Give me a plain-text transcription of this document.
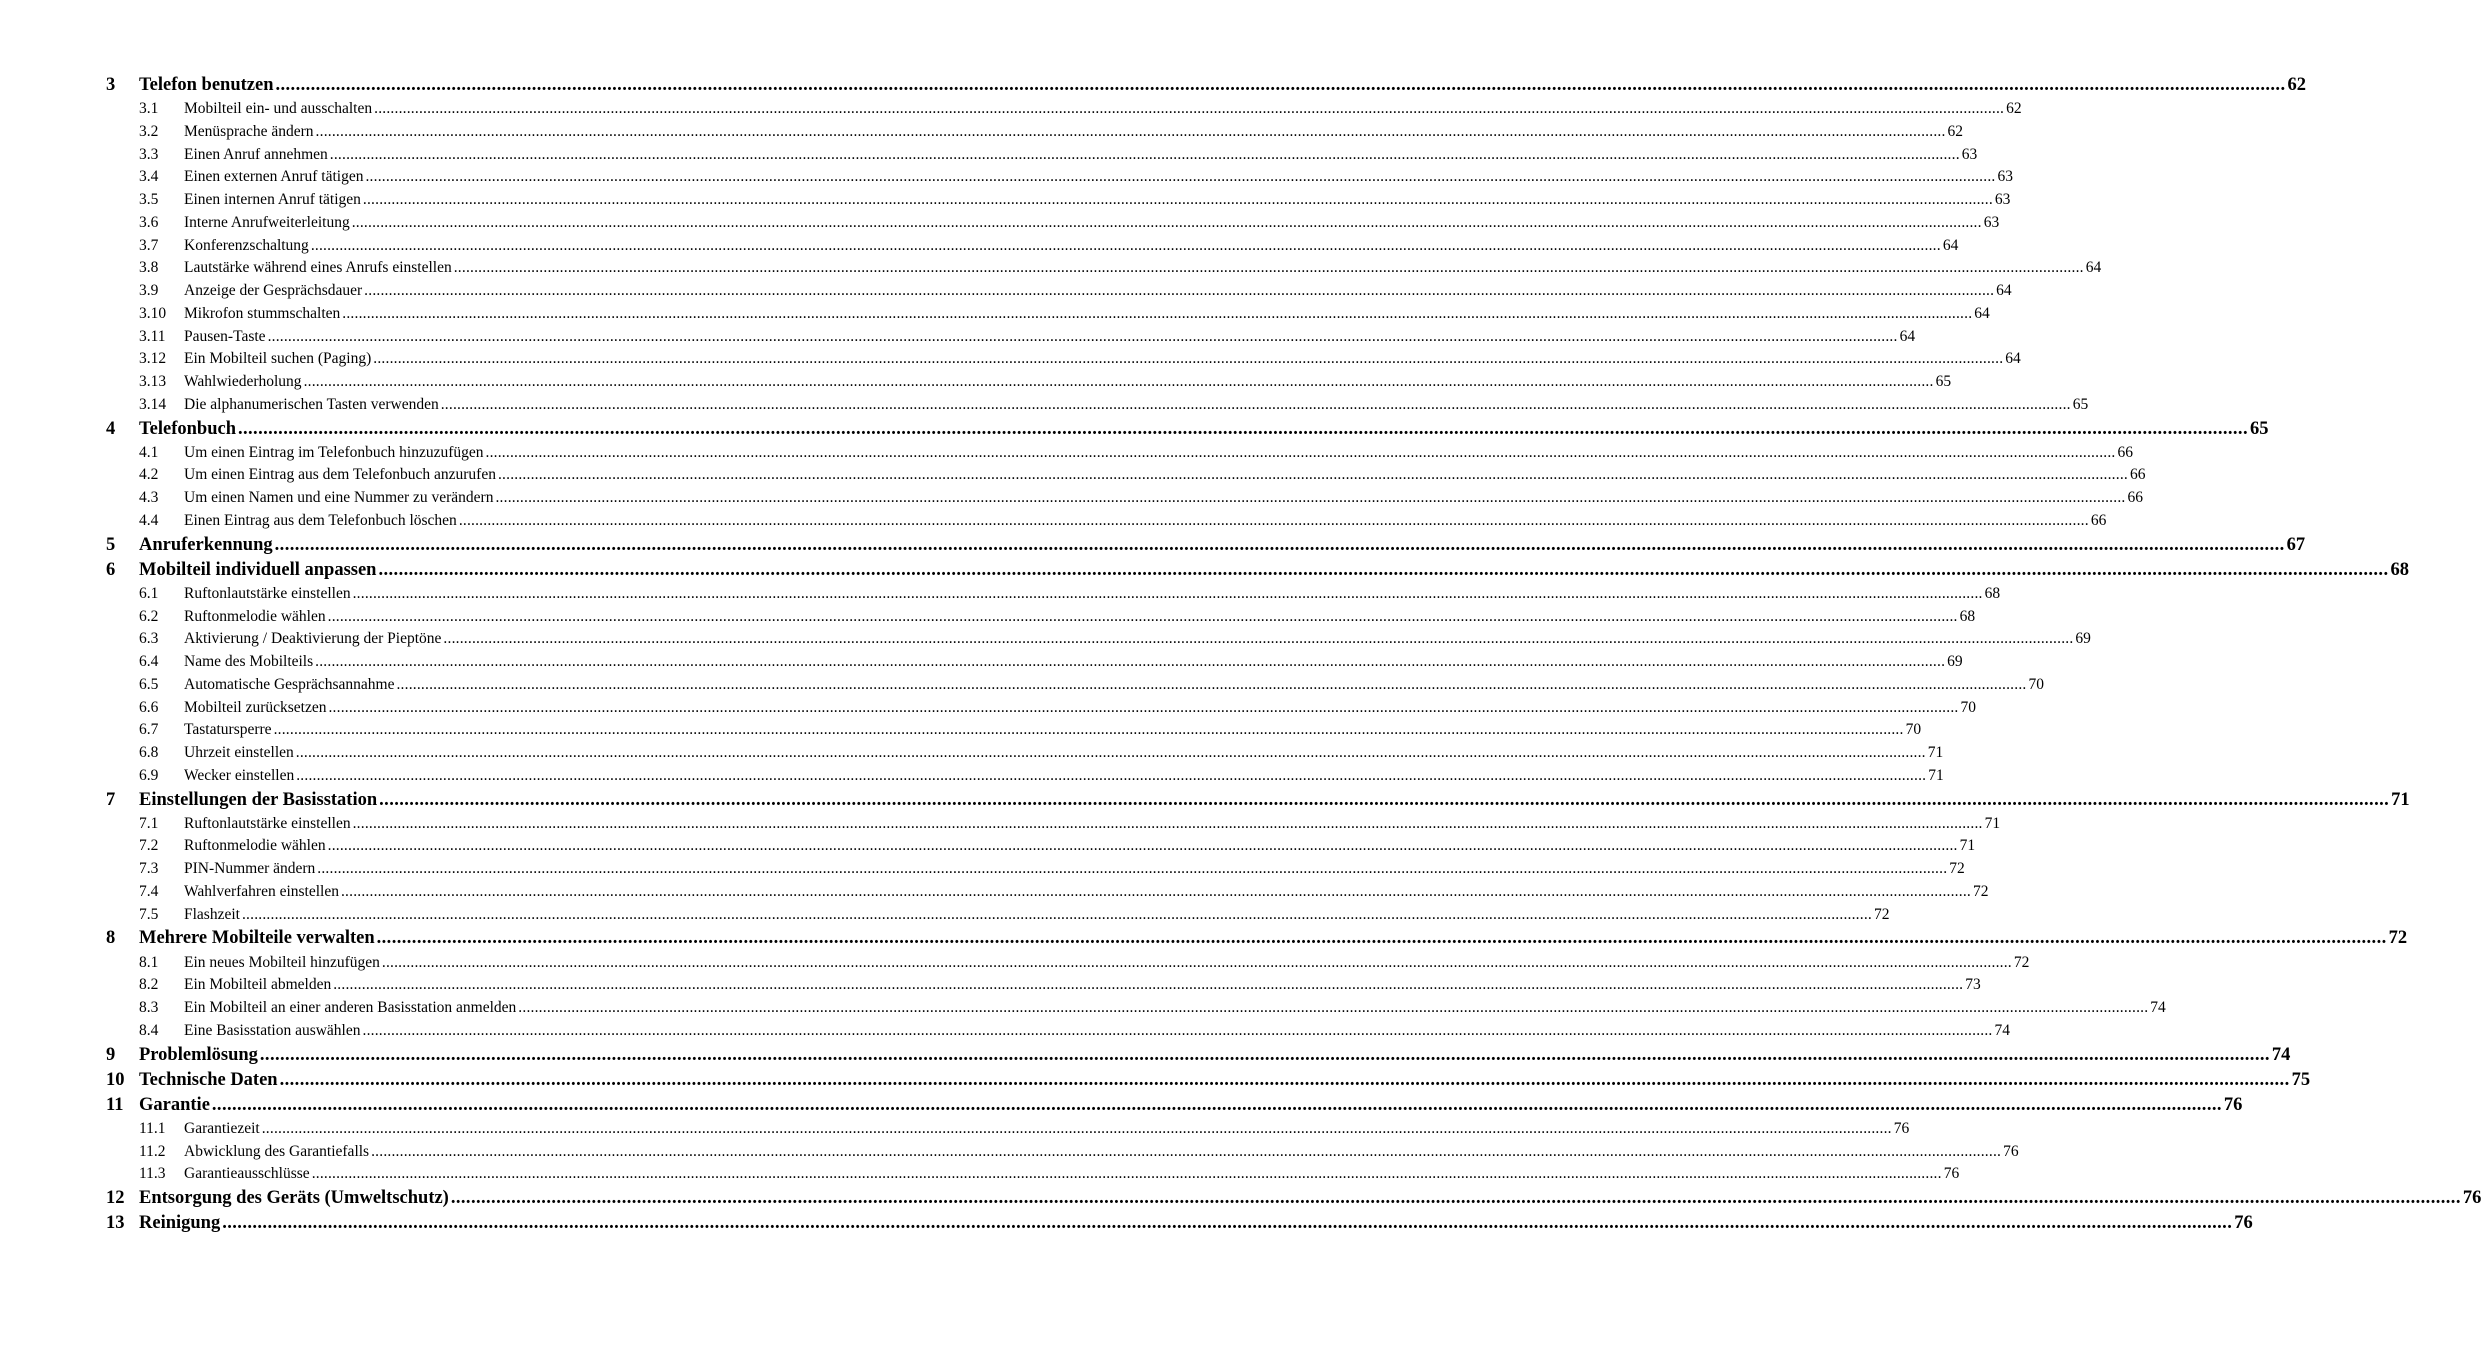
3	Telefon benutzen ................................................................................................................................................................................................................................................................................................................................................................................................................ 62
3.1	Mobilteil ein- und ausschalten ................................................................................................................................................................................................................................................................................................................................................................................................................ 62
3.2	Menüsprache ändern ................................................................................................................................................................................................................................................................................................................................................................................................................ 62
3.3	Einen Anruf annehmen ................................................................................................................................................................................................................................................................................................................................................................................................................ 63
3.4	Einen externen Anruf tätigen ................................................................................................................................................................................................................................................................................................................................................................................................................ 63
3.5	Einen internen Anruf tätigen ................................................................................................................................................................................................................................................................................................................................................................................................................ 63
3.6	Interne Anrufweiterleitung ................................................................................................................................................................................................................................................................................................................................................................................................................ 63
3.7	Konferenzschaltung ................................................................................................................................................................................................................................................................................................................................................................................................................ 64
3.8	Lautstärke während eines Anrufs einstellen ................................................................................................................................................................................................................................................................................................................................................................................................................ 64
3.9	Anzeige der Gesprächsdauer ................................................................................................................................................................................................................................................................................................................................................................................................................ 64
3.10	Mikrofon stummschalten ................................................................................................................................................................................................................................................................................................................................................................................................................ 64
3.11	Pausen-Taste ................................................................................................................................................................................................................................................................................................................................................................................................................ 64
3.12	Ein Mobilteil suchen (Paging) ................................................................................................................................................................................................................................................................................................................................................................................................................ 64
3.13	Wahlwiederholung ................................................................................................................................................................................................................................................................................................................................................................................................................ 65
3.14	Die alphanumerischen Tasten verwenden ................................................................................................................................................................................................................................................................................................................................................................................................................ 65
4	Telefonbuch ................................................................................................................................................................................................................................................................................................................................................................................................................ 65
4.1	Um einen Eintrag im Telefonbuch hinzuzufügen ................................................................................................................................................................................................................................................................................................................................................................................................................ 66
4.2	Um einen Eintrag aus dem Telefonbuch anzurufen ................................................................................................................................................................................................................................................................................................................................................................................................................ 66
4.3	Um einen Namen und eine Nummer zu verändern ................................................................................................................................................................................................................................................................................................................................................................................................................ 66
4.4	Einen Eintrag aus dem Telefonbuch löschen ................................................................................................................................................................................................................................................................................................................................................................................................................ 66
5	Anruferkennung ................................................................................................................................................................................................................................................................................................................................................................................................................ 67
6	Mobilteil individuell anpassen ................................................................................................................................................................................................................................................................................................................................................................................................................ 68
6.1	Ruftonlautstärke einstellen ................................................................................................................................................................................................................................................................................................................................................................................................................ 68
6.2	Ruftonmelodie wählen ................................................................................................................................................................................................................................................................................................................................................................................................................ 68
6.3	Aktivierung / Deaktivierung der Pieptöne ................................................................................................................................................................................................................................................................................................................................................................................................................ 69
6.4	Name des Mobilteils ................................................................................................................................................................................................................................................................................................................................................................................................................ 69
6.5	Automatische Gesprächsannahme ................................................................................................................................................................................................................................................................................................................................................................................................................ 70
6.6	Mobilteil zurücksetzen ................................................................................................................................................................................................................................................................................................................................................................................................................ 70
6.7	Tastatursperre ................................................................................................................................................................................................................................................................................................................................................................................................................ 70
6.8	Uhrzeit einstellen ................................................................................................................................................................................................................................................................................................................................................................................................................ 71
6.9	Wecker einstellen ................................................................................................................................................................................................................................................................................................................................................................................................................ 71
7	Einstellungen der Basisstation ................................................................................................................................................................................................................................................................................................................................................................................................................ 71
7.1	Ruftonlautstärke einstellen ................................................................................................................................................................................................................................................................................................................................................................................................................ 71
7.2	Ruftonmelodie wählen ................................................................................................................................................................................................................................................................................................................................................................................................................ 71
7.3	PIN-Nummer ändern ................................................................................................................................................................................................................................................................................................................................................................................................................ 72
7.4	Wahlverfahren einstellen ................................................................................................................................................................................................................................................................................................................................................................................................................ 72
7.5	Flashzeit ................................................................................................................................................................................................................................................................................................................................................................................................................ 72
8	Mehrere Mobilteile verwalten ................................................................................................................................................................................................................................................................................................................................................................................................................ 72
8.1	Ein neues Mobilteil hinzufügen ................................................................................................................................................................................................................................................................................................................................................................................................................ 72
8.2	Ein Mobilteil abmelden ................................................................................................................................................................................................................................................................................................................................................................................................................ 73
8.3	Ein Mobilteil an einer anderen Basisstation anmelden ................................................................................................................................................................................................................................................................................................................................................................................................................ 74
8.4	Eine Basisstation auswählen ................................................................................................................................................................................................................................................................................................................................................................................................................ 74
9	Problemlösung ................................................................................................................................................................................................................................................................................................................................................................................................................ 74
10 Technische Daten ................................................................................................................................................................................................................................................................................................................................................................................................................ 75
11 Garantie ................................................................................................................................................................................................................................................................................................................................................................................................................ 76
11.1	Garantiezeit ................................................................................................................................................................................................................................................................................................................................................................................................................ 76
11.2	Abwicklung des Garantiefalls ................................................................................................................................................................................................................................................................................................................................................................................................................ 76
11.3	Garantieausschlüsse ................................................................................................................................................................................................................................................................................................................................................................................................................ 76
12 Entsorgung des Geräts (Umweltschutz) ................................................................................................................................................................................................................................................................................................................................................................................................................ 76
13 Reinigung ................................................................................................................................................................................................................................................................................................................................................................................................................ 76
